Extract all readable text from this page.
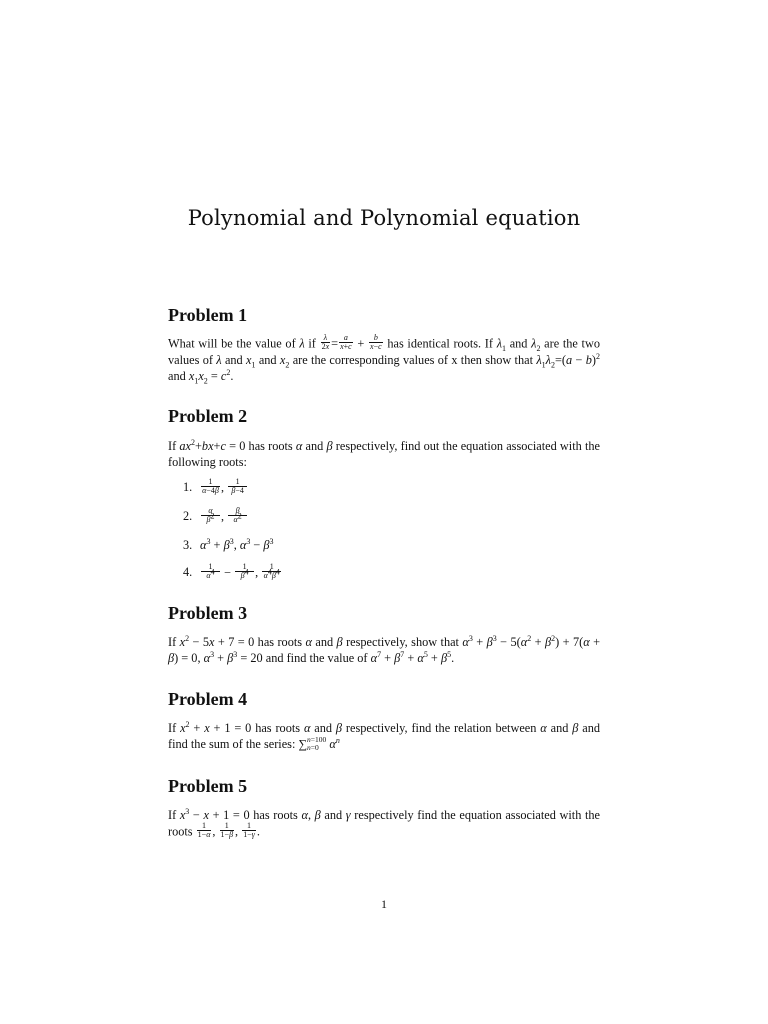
Polynomial and Polynomial equation
Problem 1
What will be the value of λ if $\frac{\lambda}{2x} = \frac{a}{x+c} + \frac{b}{x-c}$ has identical roots. If $\lambda_1$ and $\lambda_2$ are the two values of λ and $x_1$ and $x_2$ are the corresponding values of x then show that $\lambda_1\lambda_2=(a - b)^2$ and $x_1x_2 = c^2$.
Problem 2
If $ax^2+bx+c = 0$ has roots α and β respectively, find out the equation associated with the following roots:
1. $\frac{1}{\alpha-4\beta}$ , $\frac{1}{\beta-4}$
2. $\frac{\alpha}{\beta^2}$ , $\frac{\beta}{\alpha^2}$
3. $\alpha^3 + \beta^3$, $\alpha^3 - \beta^3$
4. $\frac{1}{\alpha^4} - \frac{1}{\beta^4}$ , $\frac{1}{\alpha^4\beta^4}$
Problem 3
If $x^2 - 5x + 7 = 0$ has roots α and β respectively, show that $\alpha^3 + \beta^3 - 5(\alpha^2 + \beta^2) + 7(\alpha + \beta) = 0$, $\alpha^3 + \beta^3 = 20$ and find the value of $\alpha^7 + \beta^7 + \alpha^5 + \beta^5$.
Problem 4
If $x^2 + x + 1 = 0$ has roots α and β respectively, find the relation between α and β and find the sum of the series: ∑n=100
n=0 $\alpha^n$
Problem 5
If $x^3 - x + 1 = 0$ has roots α, β and γ respectively find the equation associated with the roots $\frac{1}{1-\alpha}$ , $\frac{1}{1-\beta}$ , $\frac{1}{1-\gamma}$ .
1
